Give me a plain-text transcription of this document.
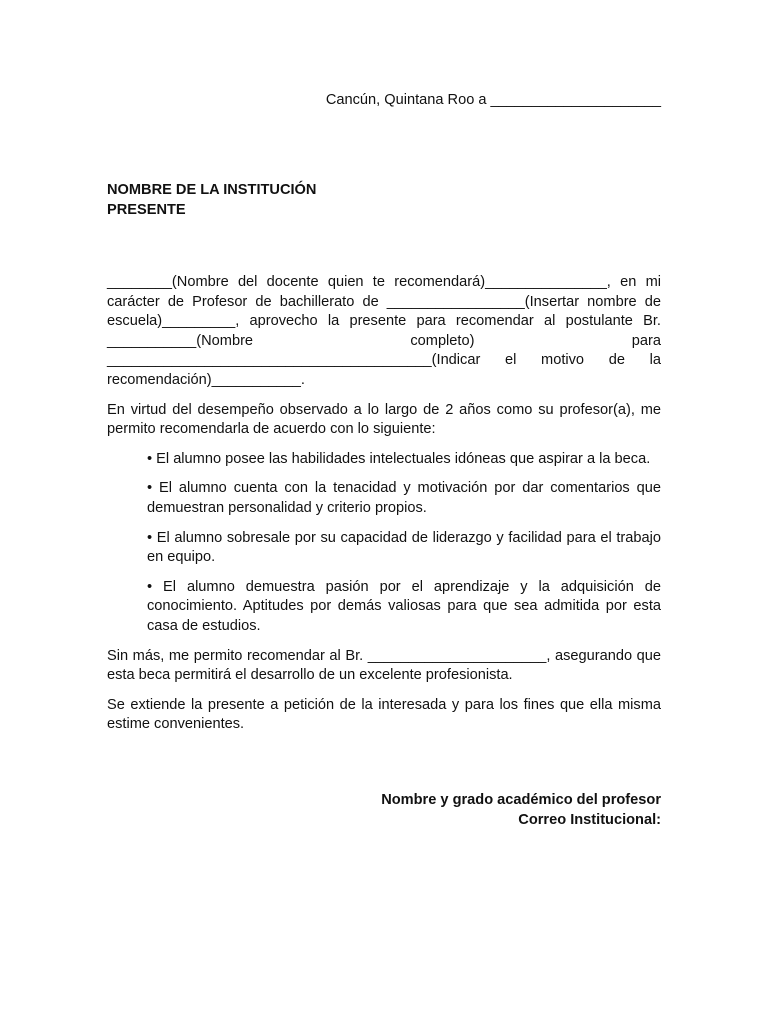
Cancún, Quintana Roo a _____________________
NOMBRE DE LA INSTITUCIÓN
PRESENTE

________(Nombre del docente quien te recomendará)_______________, en mi carácter de Profesor de bachillerato de _________________(Insertar nombre de escuela)_________, aprovecho la presente para recomendar al postulante Br. ___________(Nombre completo) para ________________________________________(Indicar el motivo de la recomendación)___________.

En virtud del desempeño observado a lo largo de 2 años como su profesor(a), me permito recomendarla de acuerdo con lo siguiente:

• El alumno posee las habilidades intelectuales idóneas que aspirar a la beca.
• El alumno cuenta con la tenacidad y motivación por dar comentarios que demuestran personalidad y criterio propios.
• El alumno sobresale por su capacidad de liderazgo y facilidad para el trabajo en equipo.
• El alumno demuestra pasión por el aprendizaje y la adquisición de conocimiento. Aptitudes por demás valiosas para que sea admitida por esta casa de estudios.

Sin más, me permito recomendar al Br. ______________________, asegurando que esta beca permitirá el desarrollo de un excelente profesionista.

Se extiende la presente a petición de la interesada y para los fines que ella misma estime convenientes.

Nombre y grado académico del profesor
Correo Institucional:
